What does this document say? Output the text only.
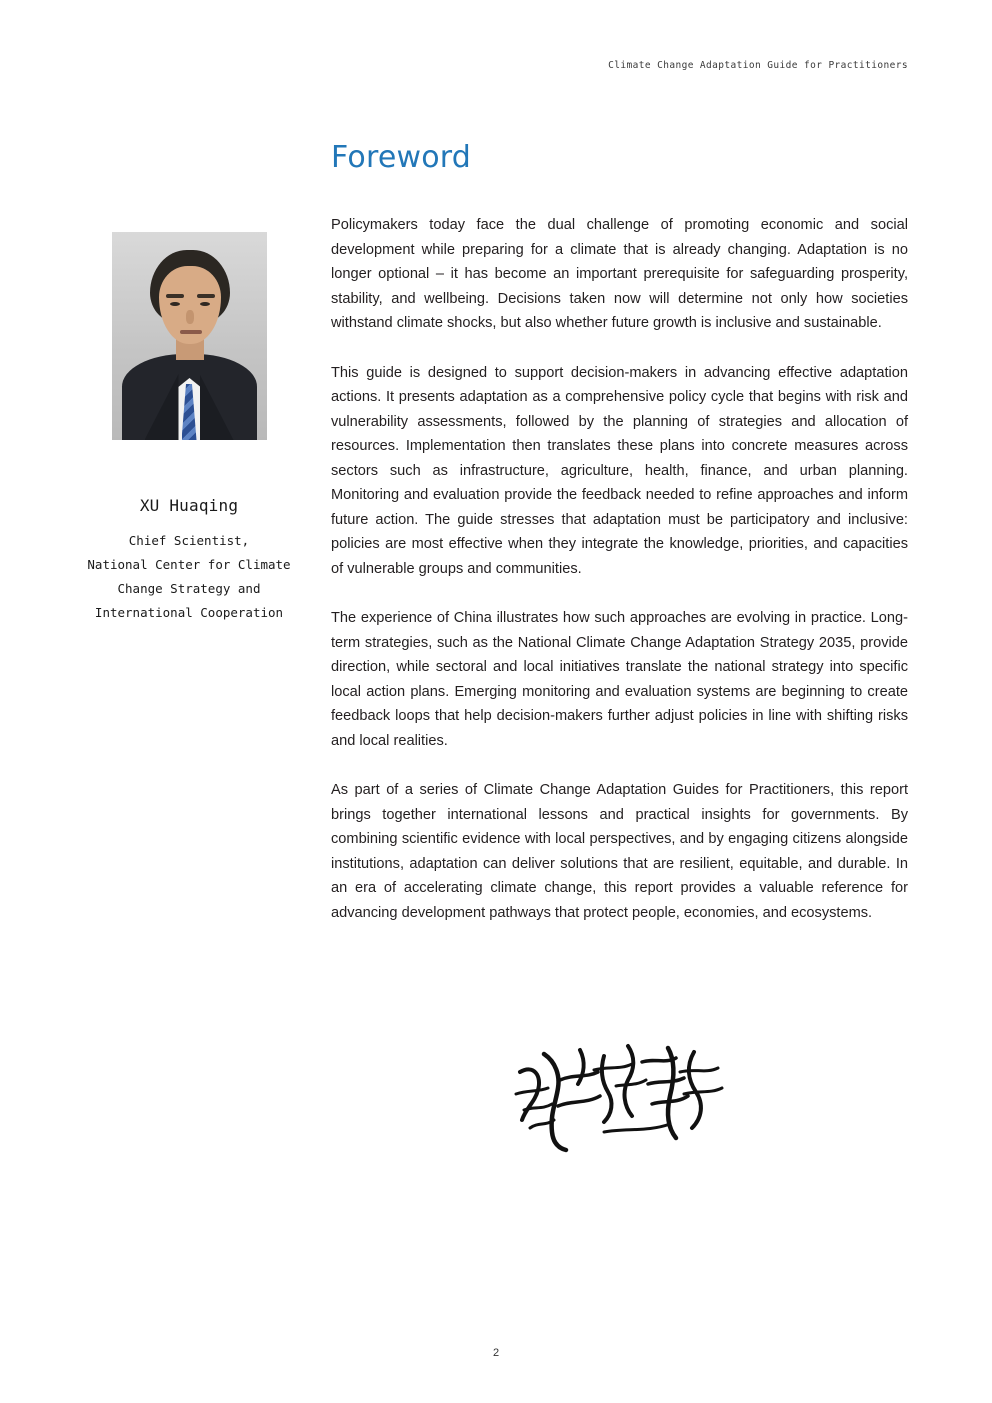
Climate Change Adaptation Guide for Practitioners
XU Huaqing
Chief Scientist,
National Center for Climate
Change Strategy and
International Cooperation
Foreword

Policymakers today face the dual challenge of promoting economic and social development while preparing for a climate that is already changing. Adaptation is no longer optional – it has become an important prerequisite for safeguarding prosperity, stability, and wellbeing. Decisions taken now will determine not only how societies withstand climate shocks, but also whether future growth is inclusive and sustainable.

This guide is designed to support decision-makers in advancing effective adaptation actions. It presents adaptation as a comprehensive policy cycle that begins with risk and vulnerability assessments, followed by the planning of strategies and allocation of resources. Implementation then translates these plans into concrete measures across sectors such as infrastructure, agriculture, health, finance, and urban planning. Monitoring and evaluation provide the feedback needed to refine approaches and inform future action. The guide stresses that adaptation must be participatory and inclusive: policies are most effective when they integrate the knowledge, priorities, and capacities of vulnerable groups and communities.

The experience of China illustrates how such approaches are evolving in practice. Long-term strategies, such as the National Climate Change Adaptation Strategy 2035, provide direction, while sectoral and local initiatives translate the national strategy into specific local action plans. Emerging monitoring and evaluation systems are beginning to create feedback loops that help decision-makers further adjust policies in line with shifting risks and local realities.

As part of a series of Climate Change Adaptation Guides for Practitioners, this report brings together international lessons and practical insights for governments. By combining scientific evidence with local perspectives, and by engaging citizens alongside institutions, adaptation can deliver solutions that are resilient, equitable, and durable. In an era of accelerating climate change, this report provides a valuable reference for advancing development pathways that protect people, economies, and ecosystems.

2
